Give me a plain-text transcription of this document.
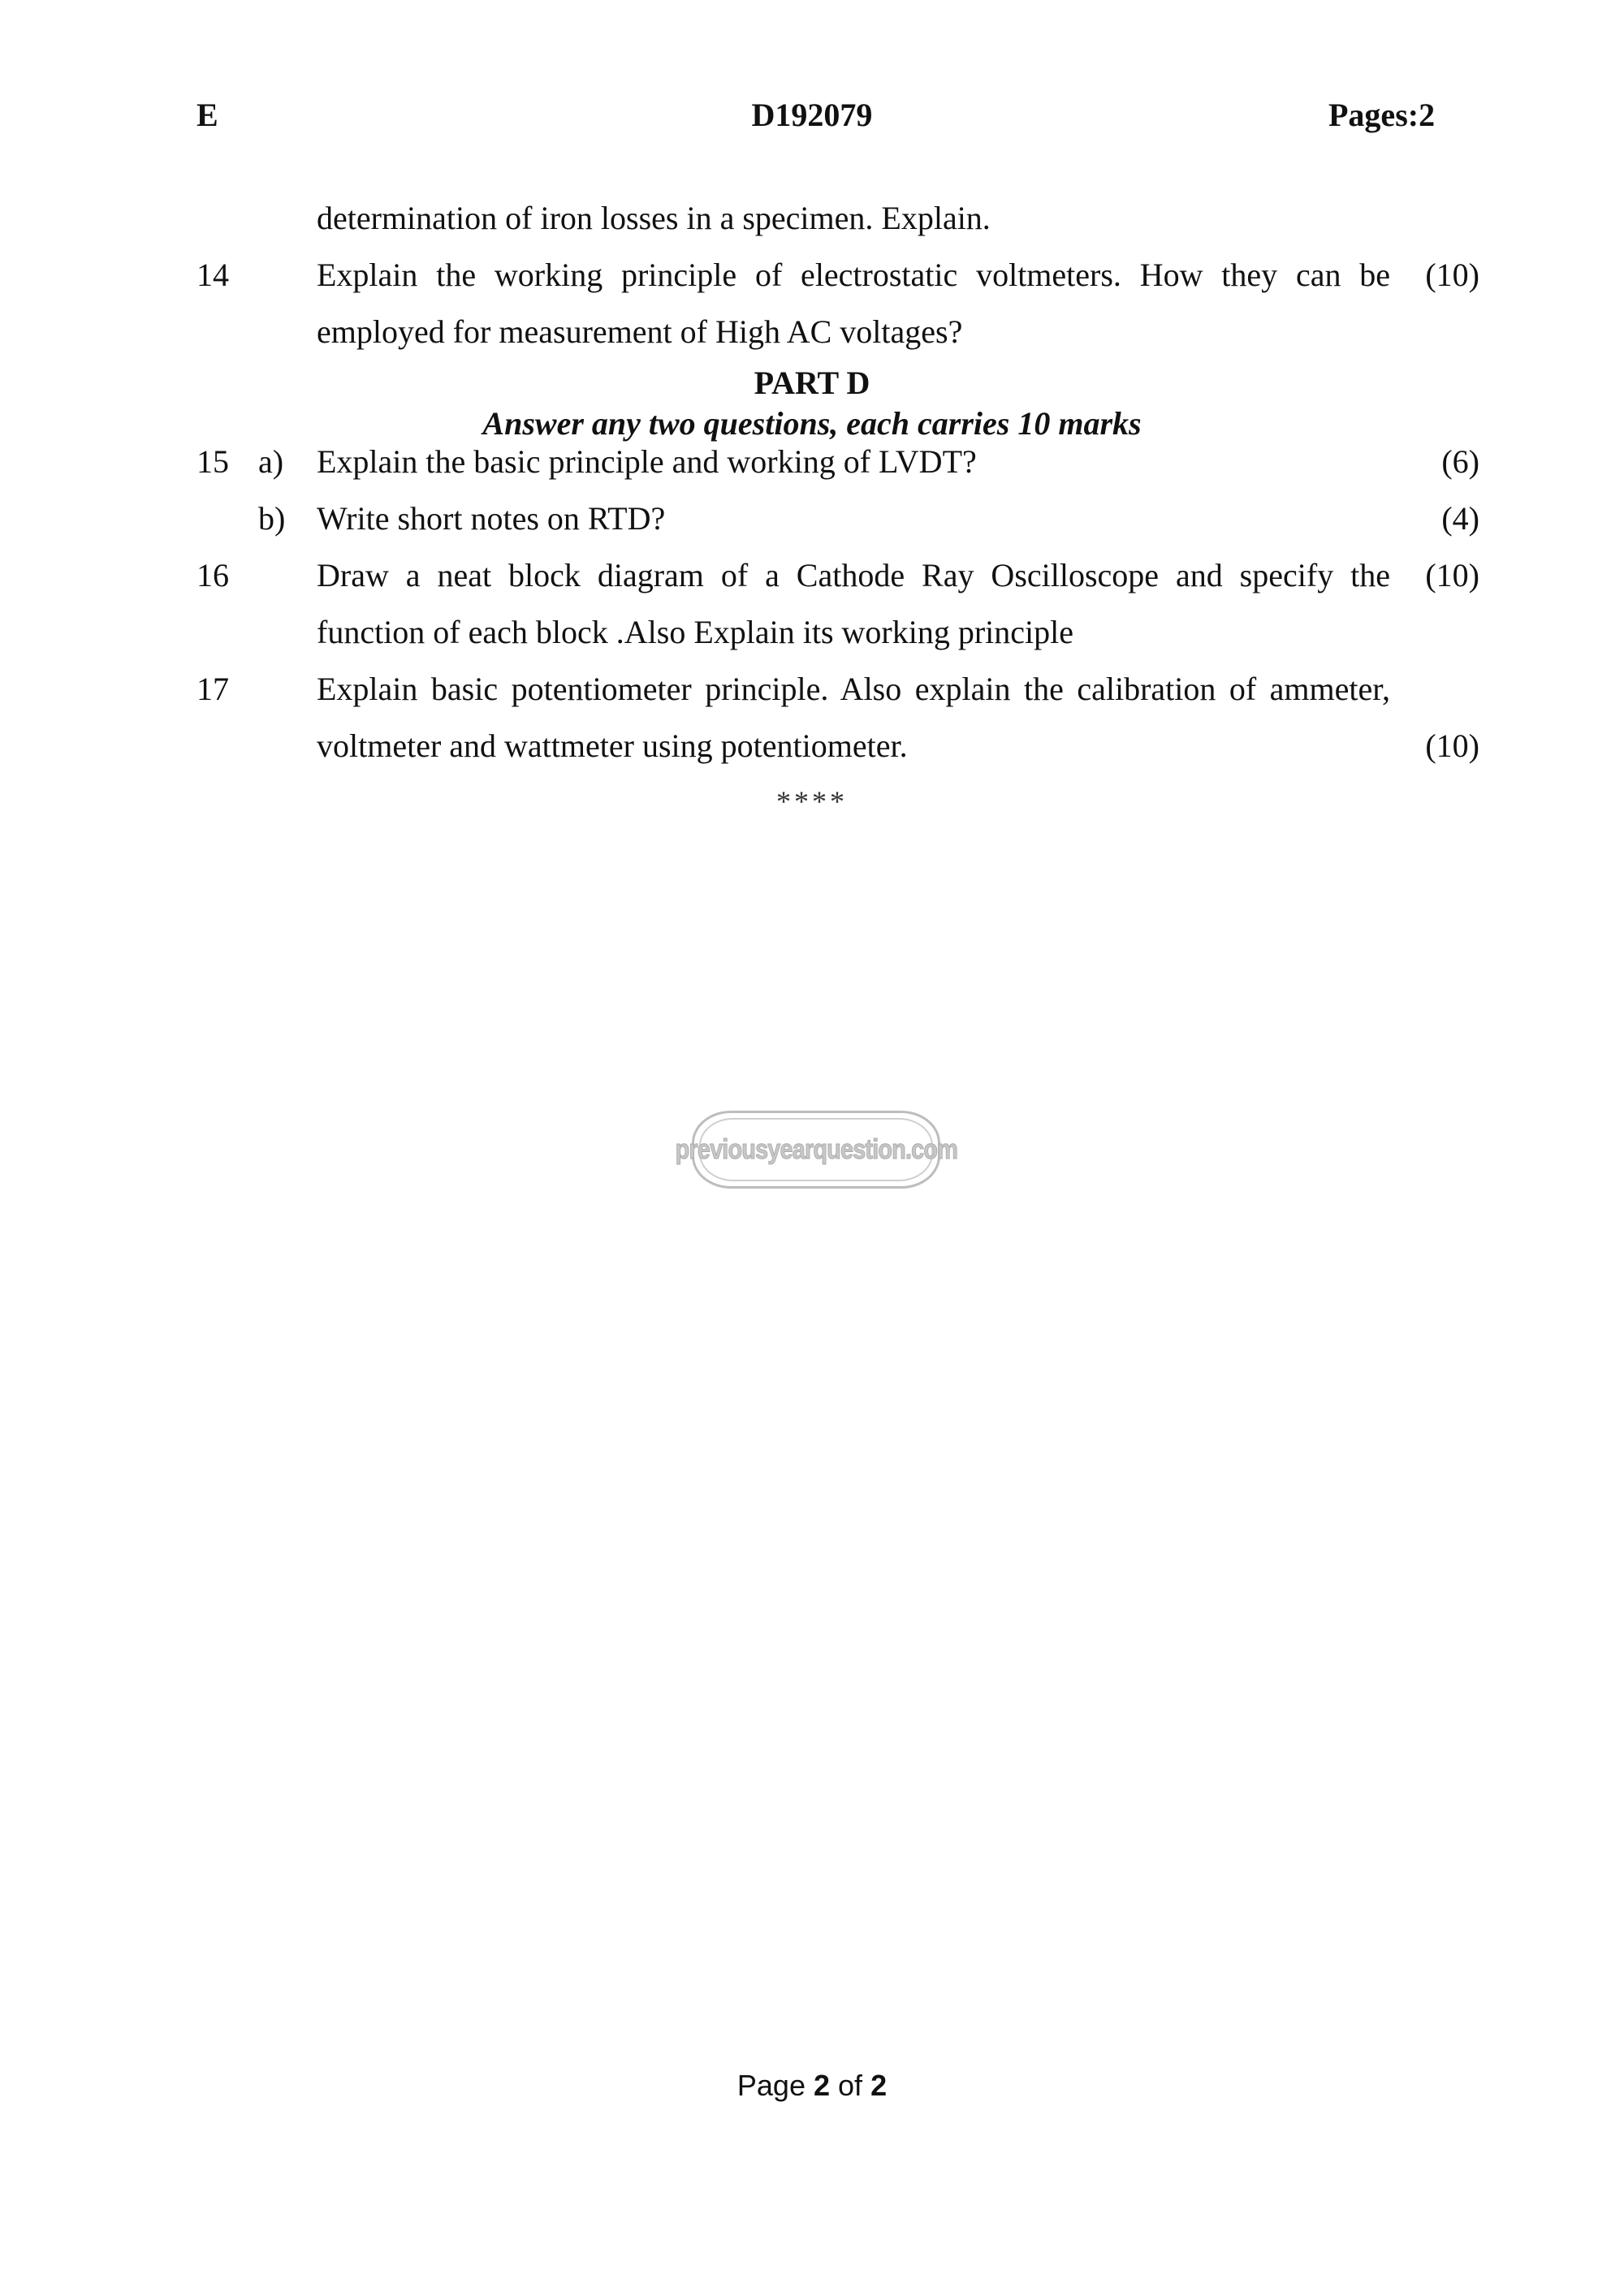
E	D192079	Pages:2
determination of iron losses in a specimen. Explain.
14	Explain the working principle of electrostatic voltmeters. How they can be (10)
employed for measurement of High AC voltages?
PART D
Answer any two questions, each carries 10 marks
15 a) Explain the basic principle and working of LVDT?	(6)
b) Write short notes on RTD?	(4)
16	Draw a neat block diagram of a Cathode Ray Oscilloscope and specify the (10)
function of each block .Also Explain its working principle
17	Explain basic potentiometer principle. Also explain the calibration of ammeter,
voltmeter and wattmeter using potentiometer.	(10)
****
previousyearquestion.com
Page 2 of 2
